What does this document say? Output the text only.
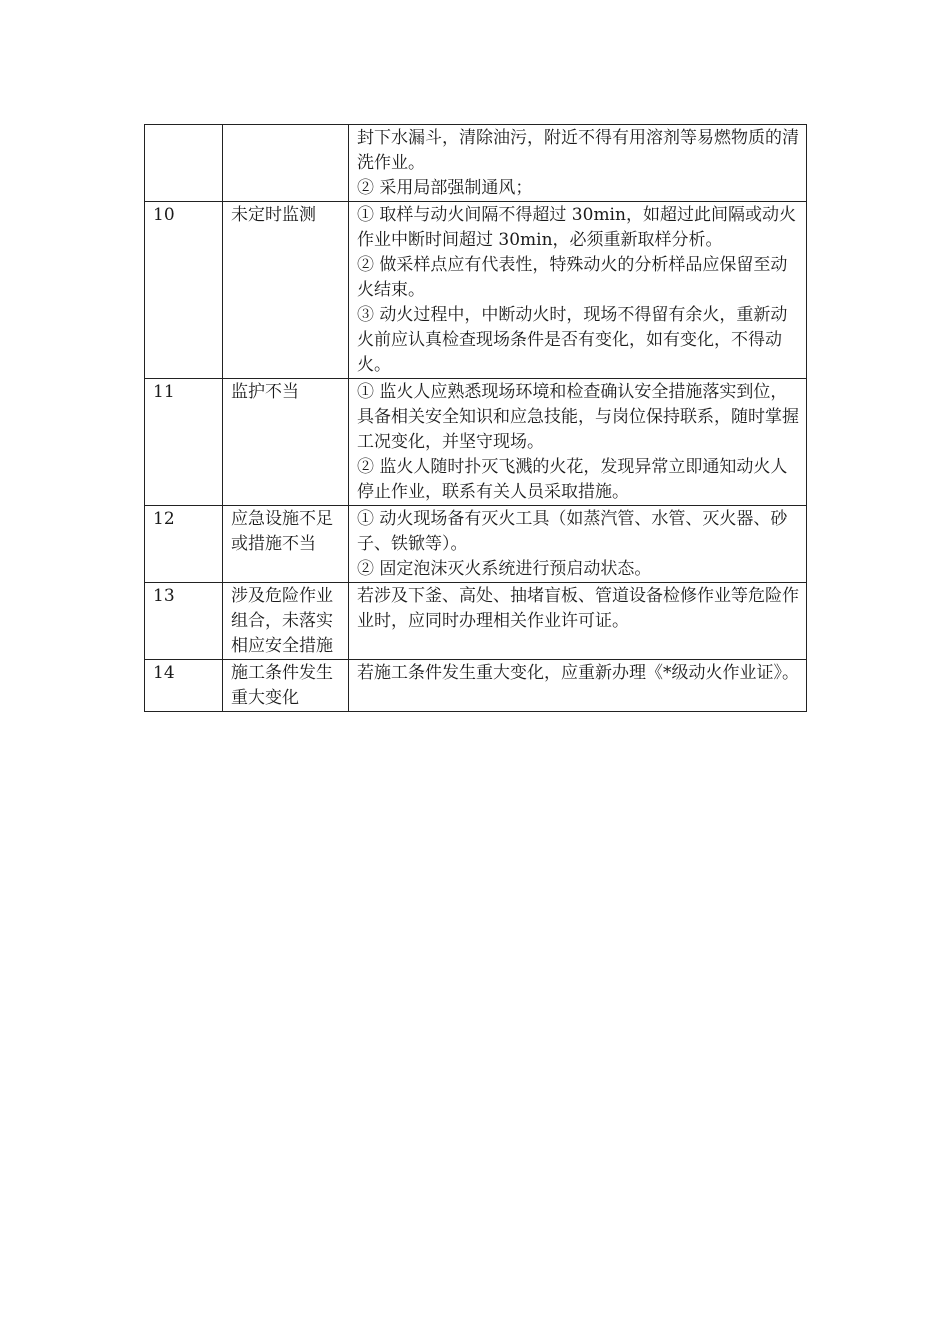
		封下水漏斗，清除油污，附近不得有用溶剂等易燃物质的清洗作业。
② 采用局部强制通风；

10	未定时监测	① 取样与动火间隔不得超过 30min，如超过此间隔或动火作业中断时间超过 30min，必须重新取样分析。
② 做采样点应有代表性，特殊动火的分析样品应保留至动火结束。
③ 动火过程中，中断动火时，现场不得留有余火，重新动火前应认真检查现场条件是否有变化，如有变化，不得动火。

11	监护不当	① 监火人应熟悉现场环境和检查确认安全措施落实到位，具备相关安全知识和应急技能，与岗位保持联系，随时掌握工况变化，并坚守现场。
② 监火人随时扑灭飞溅的火花，发现异常立即通知动火人停止作业，联系有关人员采取措施。

12	应急设施不足或措施不当	① 动火现场备有灭火工具（如蒸汽管、水管、灭火器、砂子、铁锨等）。
② 固定泡沫灭火系统进行预启动状态。

13	涉及危险作业组合，未落实相应安全措施	若涉及下釜、高处、抽堵盲板、管道设备检修作业等危险作业时，应同时办理相关作业许可证。

14	施工条件发生重大变化	若施工条件发生重大变化，应重新办理《*级动火作业证》。
